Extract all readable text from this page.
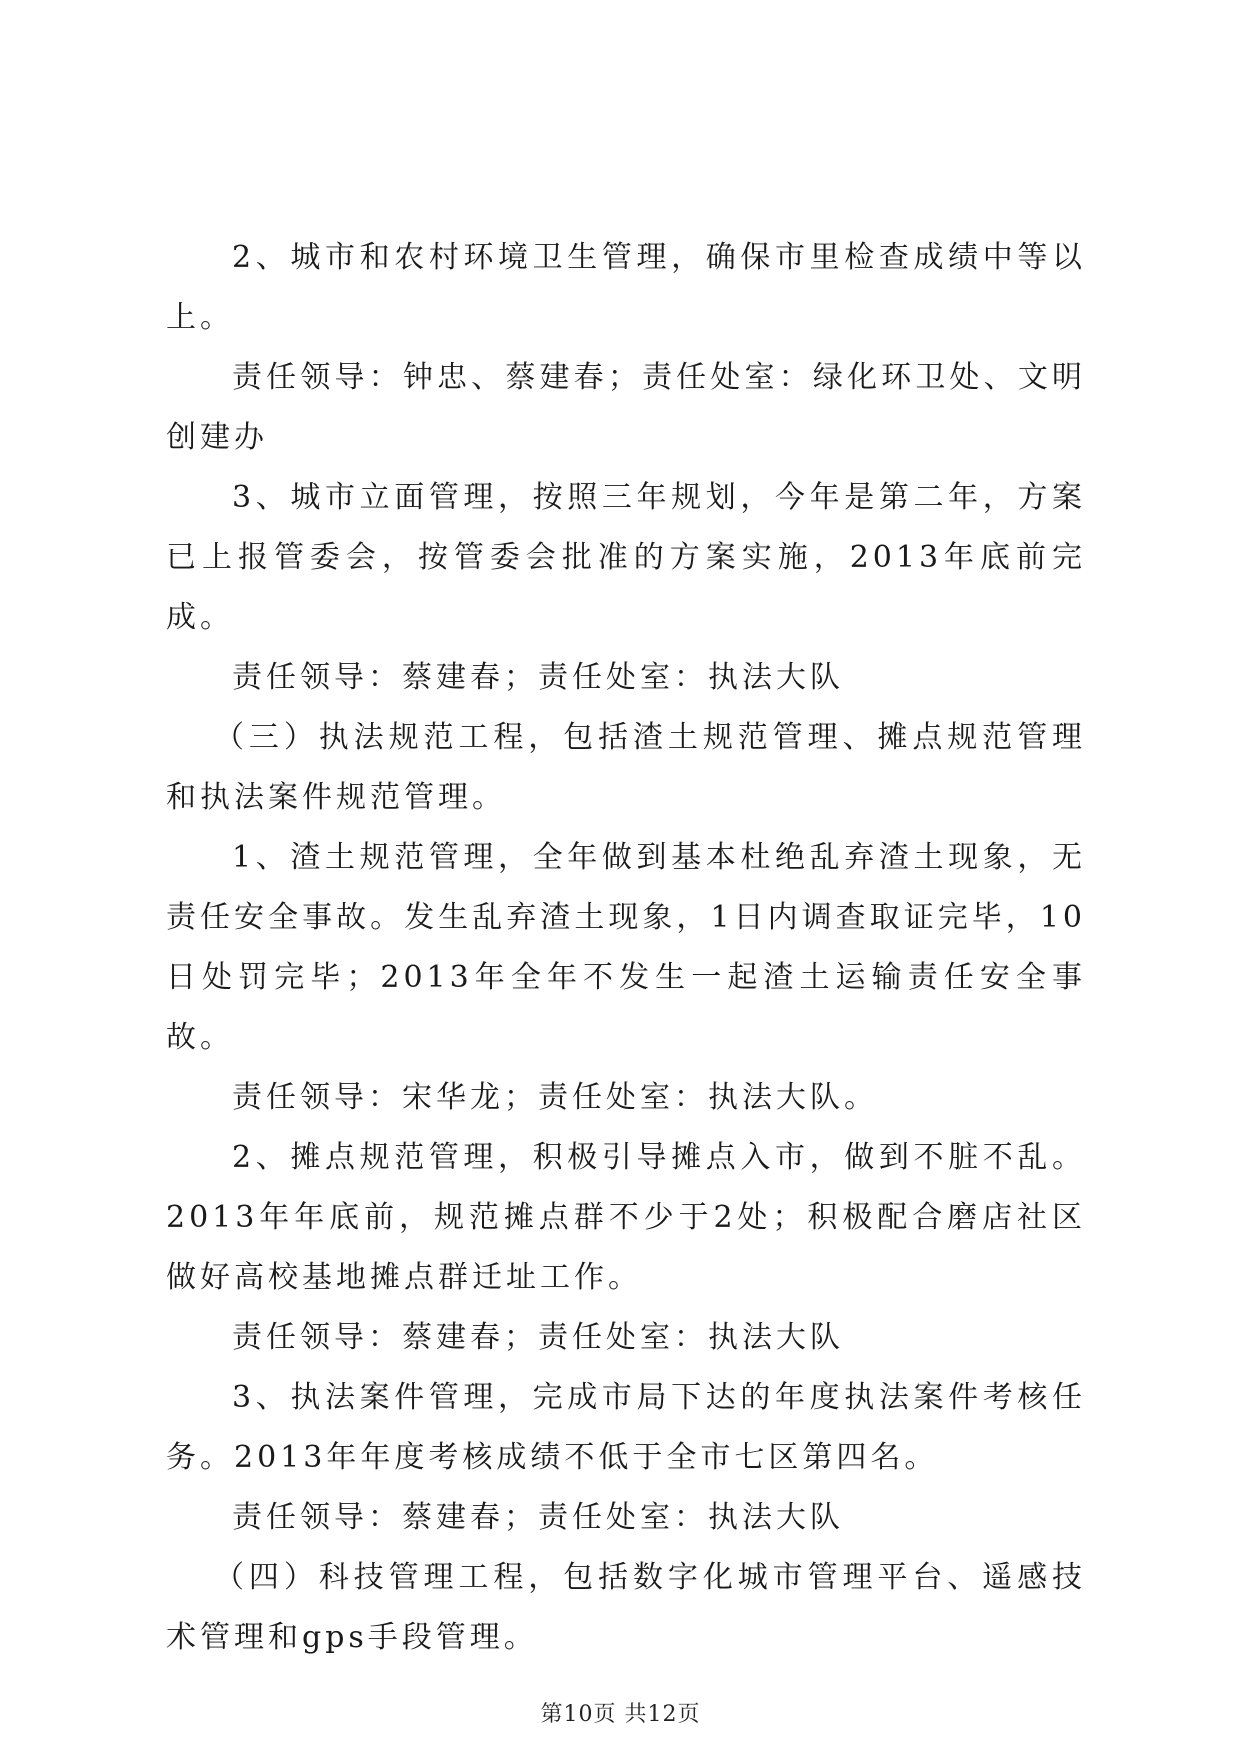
2、城市和农村环境卫生管理，确保市里检查成绩中等以上。

责任领导：钟忠、蔡建春；责任处室：绿化环卫处、文明创建办

3、城市立面管理，按照三年规划，今年是第二年，方案已上报管委会，按管委会批准的方案实施，2013年底前完成。

责任领导：蔡建春；责任处室：执法大队

（三）执法规范工程，包括渣土规范管理、摊点规范管理和执法案件规范管理。

1、渣土规范管理，全年做到基本杜绝乱弃渣土现象，无责任安全事故。发生乱弃渣土现象，1日内调查取证完毕，10日处罚完毕；2013年全年不发生一起渣土运输责任安全事故。

责任领导：宋华龙；责任处室：执法大队。

2、摊点规范管理，积极引导摊点入市，做到不脏不乱。2013年年底前，规范摊点群不少于2处；积极配合磨店社区做好高校基地摊点群迁址工作。

责任领导：蔡建春；责任处室：执法大队

3、执法案件管理，完成市局下达的年度执法案件考核任务。2013年年度考核成绩不低于全市七区第四名。

责任领导：蔡建春；责任处室：执法大队

（四）科技管理工程，包括数字化城市管理平台、遥感技术管理和gps手段管理。

第10页 共12页
